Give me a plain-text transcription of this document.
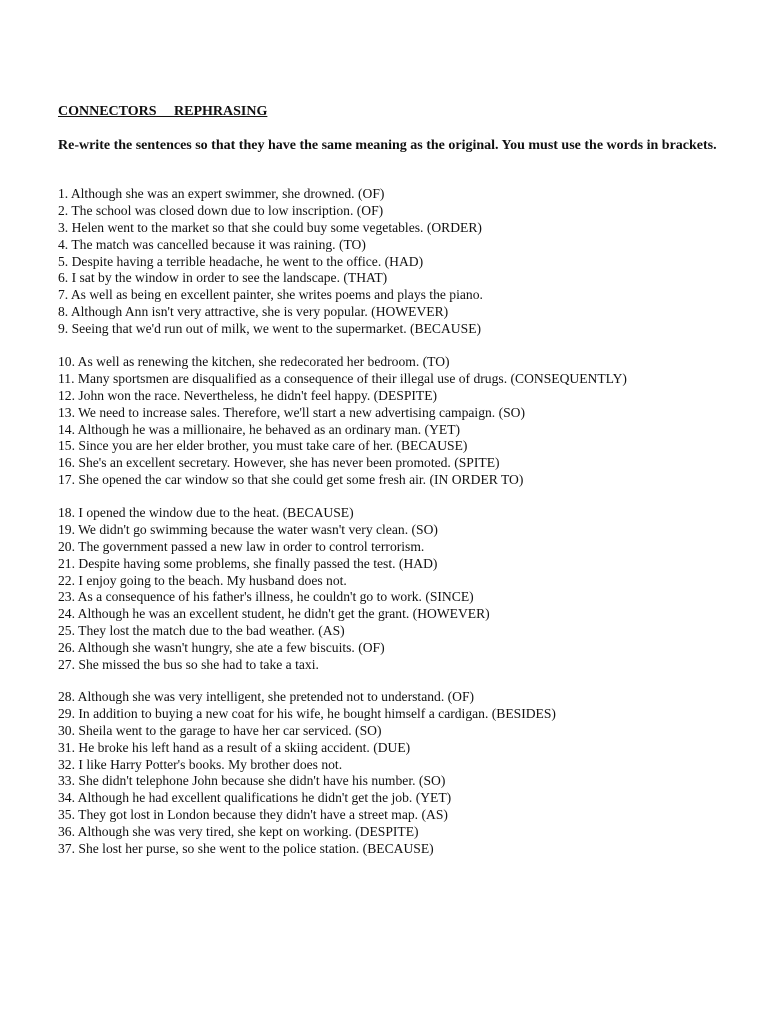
CONNECTORS     REPHRASING
Re-write the sentences so that they have the same meaning as the original. You must use the words in brackets.
1. Although she was an expert swimmer, she drowned. (OF)
2. The school was closed down due to low inscription. (OF)
3. Helen went to the market so that she could buy some vegetables. (ORDER)
4. The match was cancelled because it was raining. (TO)
5. Despite having a terrible headache, he went to the office. (HAD)
6. I sat by the window in order to see the landscape. (THAT)
7. As well as being en excellent painter, she writes poems and plays the piano.
8. Although Ann isn't very attractive, she is very popular. (HOWEVER)
9. Seeing that we'd run out of milk, we went to the supermarket. (BECAUSE)
10. As well as renewing the kitchen, she redecorated her bedroom. (TO)
11. Many sportsmen are disqualified as a consequence of their illegal use of drugs. (CONSEQUENTLY)
12. John won the race. Nevertheless, he didn't feel happy. (DESPITE)
13. We need to increase sales. Therefore, we'll start a new advertising campaign. (SO)
14. Although he was a millionaire, he behaved as an ordinary man. (YET)
15. Since you are her elder brother, you must take care of her. (BECAUSE)
16. She's an excellent secretary. However, she has never been promoted. (SPITE)
17. She opened the car window so that she could get some fresh air. (IN ORDER TO)
18. I opened the window due to the heat. (BECAUSE)
19. We didn't go swimming because the water wasn't very clean. (SO)
20. The government passed a new law in order to control terrorism.
21. Despite having some problems, she finally passed the test. (HAD)
22. I enjoy going to the beach. My husband does not.
23. As a consequence of his father's illness, he couldn't go to work. (SINCE)
24. Although he was an excellent student, he didn't get the grant. (HOWEVER)
25. They lost the match due to the bad weather. (AS)
26. Although she wasn't hungry, she ate a few biscuits. (OF)
27. She missed the bus so she had to take a taxi.
28. Although she was very intelligent, she pretended not to understand. (OF)
29. In addition to buying a new coat for his wife, he bought himself a cardigan. (BESIDES)
30. Sheila went to the garage to have her car serviced. (SO)
31. He broke his left hand as a result of a skiing accident. (DUE)
32. I like Harry Potter's books. My brother does not.
33. She didn't telephone John because she didn't have his number. (SO)
34. Although he had excellent qualifications he didn't get the job. (YET)
35. They got lost in London because they didn't have a street map. (AS)
36. Although she was very tired, she kept on working. (DESPITE)
37. She lost her purse, so she went to the police station. (BECAUSE)
